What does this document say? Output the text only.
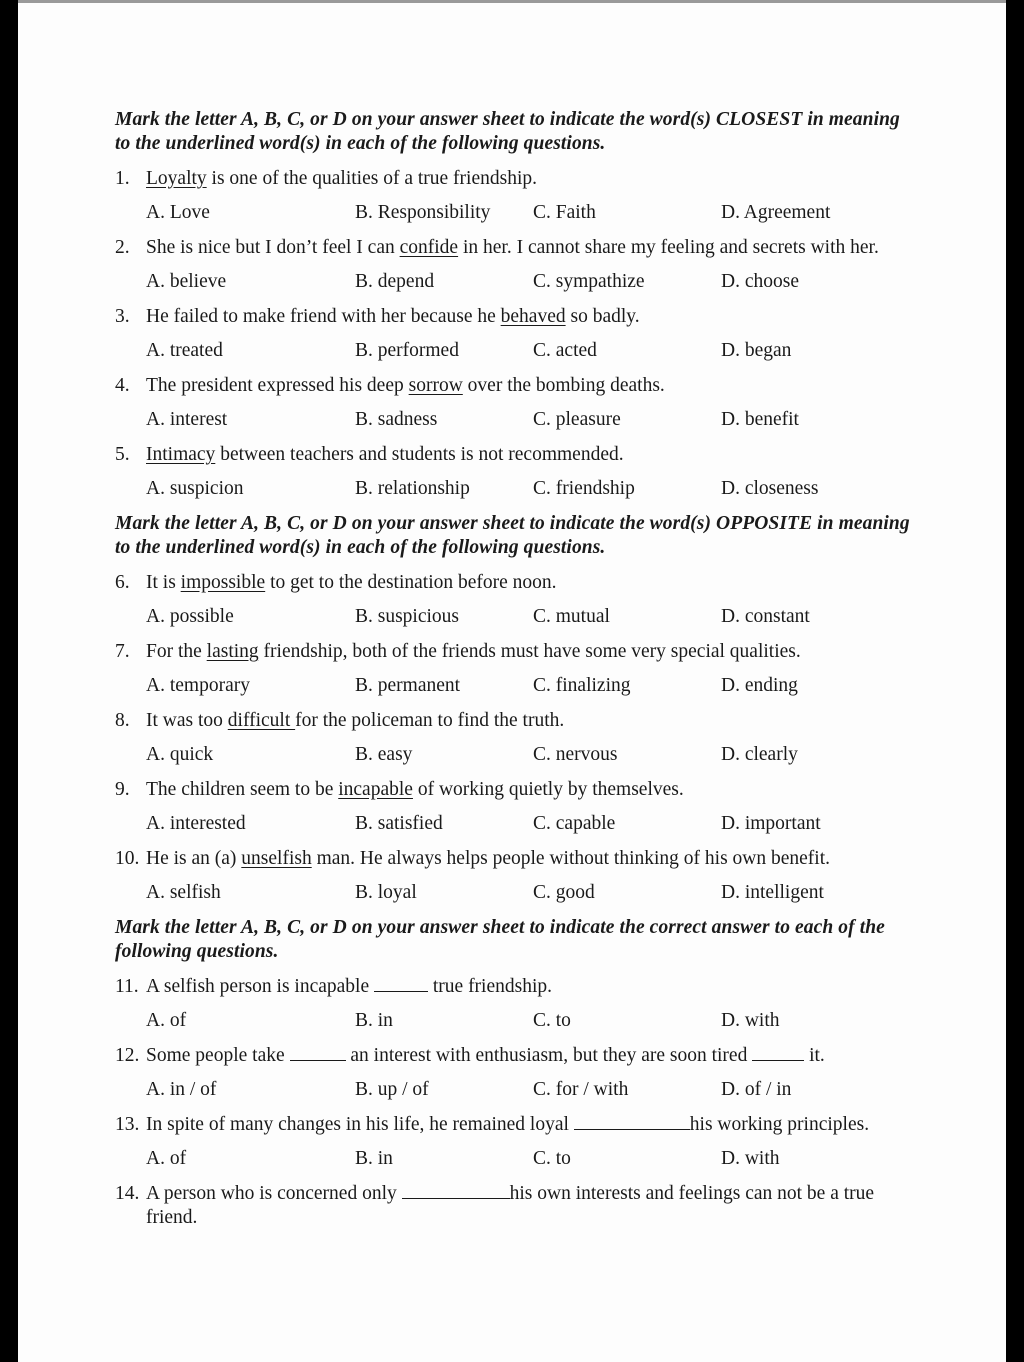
Mark the letter A, B, C, or D on your answer sheet to indicate the word(s) CLOSEST in meaning to the underlined word(s) in each of the following questions.

1. Loyalty is one of the qualities of a true friendship.
A. Love	B. Responsibility C. Faith	D. Agreement
2. She is nice but I don’t feel I can confide in her. I cannot share my feeling and secrets with her.
A. believe	B. depend	C. sympathize	D. choose
3. He failed to make friend with her because he behaved so badly.
A. treated	B. performed	C. acted	D. began
4. The president expressed his deep sorrow over the bombing deaths.
A. interest	B. sadness	C. pleasure	D. benefit
5. Intimacy between teachers and students is not recommended.
A. suspicion	B. relationship	C. friendship	D. closeness

Mark the letter A, B, C, or D on your answer sheet to indicate the word(s) OPPOSITE in meaning to the underlined word(s) in each of the following questions.

6. It is impossible to get to the destination before noon.
A. possible	B. suspicious	C. mutual	D. constant
7. For the lasting friendship, both of the friends must have some very special qualities.
A. temporary	B. permanent	C. finalizing	D. ending
8. It was too difficult for the policeman to find the truth.
A. quick	B. easy	C. nervous	D. clearly
9. The children seem to be incapable of working quietly by themselves.
A. interested	B. satisfied	C. capable	D. important
10. He is an (a) unselfish man. He always helps people without thinking of his own benefit.
A. selfish	B. loyal	C. good	D. intelligent

Mark the letter A, B, C, or D on your answer sheet to indicate the correct answer to each of the following questions.

11. A selfish person is incapable	true friendship.
A. of	B. in	C. to	D. with
12. Some people take	an interest with enthusiasm, but they are soon tired	it.
A. in / of	B. up / of	C. for / with	D. of / in
13. In spite of many changes in his life, he remained loyal	his working principles.
A. of	B. in	C. to	D. with
14. A person who is concerned only	his own interests and feelings can not be a true friend.
